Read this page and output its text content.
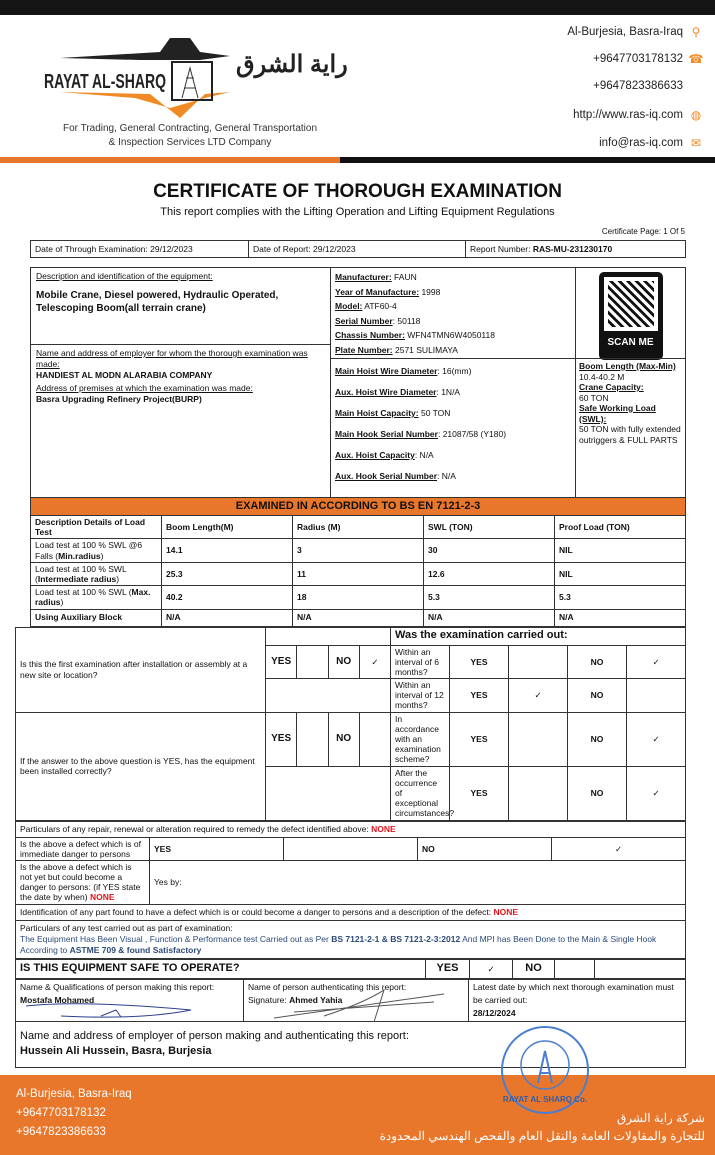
RAYAT AL-SHARQ
راية الشرق
For Trading, General Contracting, General Transportation
& Inspection Services LTD Company
Al-Burjesia, Basra-Iraq ⚲
+9647703178132 ☎
+9647823386633
http://www.ras-iq.com ◍
info@ras-iq.com ✉
CERTIFICATE OF THOROUGH EXAMINATION
This report complies with the Lifting Operation and Lifting Equipment Regulations
Certificate Page: 1 Of 5
Date of Through Examination: 29/12/2023	Date of Report: 29/12/2023	Report Number: RAS-MU-231230170
Description and identification of the equipment:
Mobile Crane, Diesel powered, Hydraulic Operated, Telescoping Boom(all terrain crane)
Name and address of employer for whom the thorough examination was made:
HANDIEST AL MODN ALARABIA COMPANY
Address of premises at which the examination was made:
Basra Upgrading Refinery Project(BURP)
Manufacturer: FAUN
Year of Manufacture: 1998
Model: ATF60-4
Serial Number: 50118
Chassis Number: WFN4TMN6W4050118
Plate Number: 2571 SULIMAYA
SCAN ME
Main Hoist Wire Diameter: 16(mm)
Aux. Hoist Wire Diameter: 1N/A
Main Hoist Capacity: 50 TON
Main Hook Serial Number: 21087/58 (Y180)
Aux. Hoist Capacity: N/A
Aux. Hook Serial Number: N/A
Boom Length (Max-Min)
10.4-40.2 M
Crane Capacity:
60 TON
Safe Working Load (SWL):
50 TON with fully extended outriggers & FULL PARTS
EXAMINED IN ACCORDING TO BS EN 7121-2-3				
Description Details of Load Test	Boom Length(M)	Radius (M)	SWL (TON)	Proof Load (TON)
Load test at 100 % SWL @6 Falls (Min.radius)	14.1	3	30	NIL
Load test at 100 % SWL (Intermediate radius)	25.3	11	12.6	NIL
Load test at 100 % SWL (Max. radius)	40.2	18	5.3	5.3
Using Auxiliary Block	N/A	N/A	N/A	N/A
Is this the first examination after installation or assembly at a new site or location?					Was the examination carried out:				
	YES		NO	✓	Within an interval of 6 months?	YES		NO	✓
					Within an interval of 12 months?	YES	✓	NO	
If the answer to the above question is YES, has the equipment been installed correctly?	YES		NO		In accordance with an examination scheme?	YES		NO	✓
					After the occurrence of exceptional circumstances?	YES		NO	✓
Particulars of any repair, renewal or alteration required to remedy the defect identified above: NONE				
Is the above a defect which is of immediate danger to persons	YES		NO	✓
Is the above a defect which is not yet but could become a danger to persons: (if YES state the date by when) NONE	Yes by:			
Identification of any part found to have a defect which is or could become a danger to persons and a description of the defect: NONE				

Particulars of any test carried out as part of examination:
The Equipment Has Been Visual , Function & Performance test Carried out as Per BS 7121-2-1 & BS 7121-2-3:2012 And MPI has Been Done to the Main & Single Hook According to ASTME 709 & found Satisfactory				
IS THIS EQUIPMENT SAFE TO OPERATE?	YES	✓	NO		
Name & Qualifications of person making this report: Mostafa Mohamed

Name of person authenticating this report:
Signature: Ahmed Yahia

Latest date by which next thorough examination must be carried out:
28/12/2024

Name and address of employer of person making and authenticating this report:
Hussein Ali Hussein, Basra, Burjesia
RAYAT AL SHARQ Co.
Al-Burjesia, Basra-Iraq
+9647703178132
+9647823386633
شركة راية الشرق
للتجارة والمقاولات العامة والنقل العام والفحص الهندسي المحدودة
